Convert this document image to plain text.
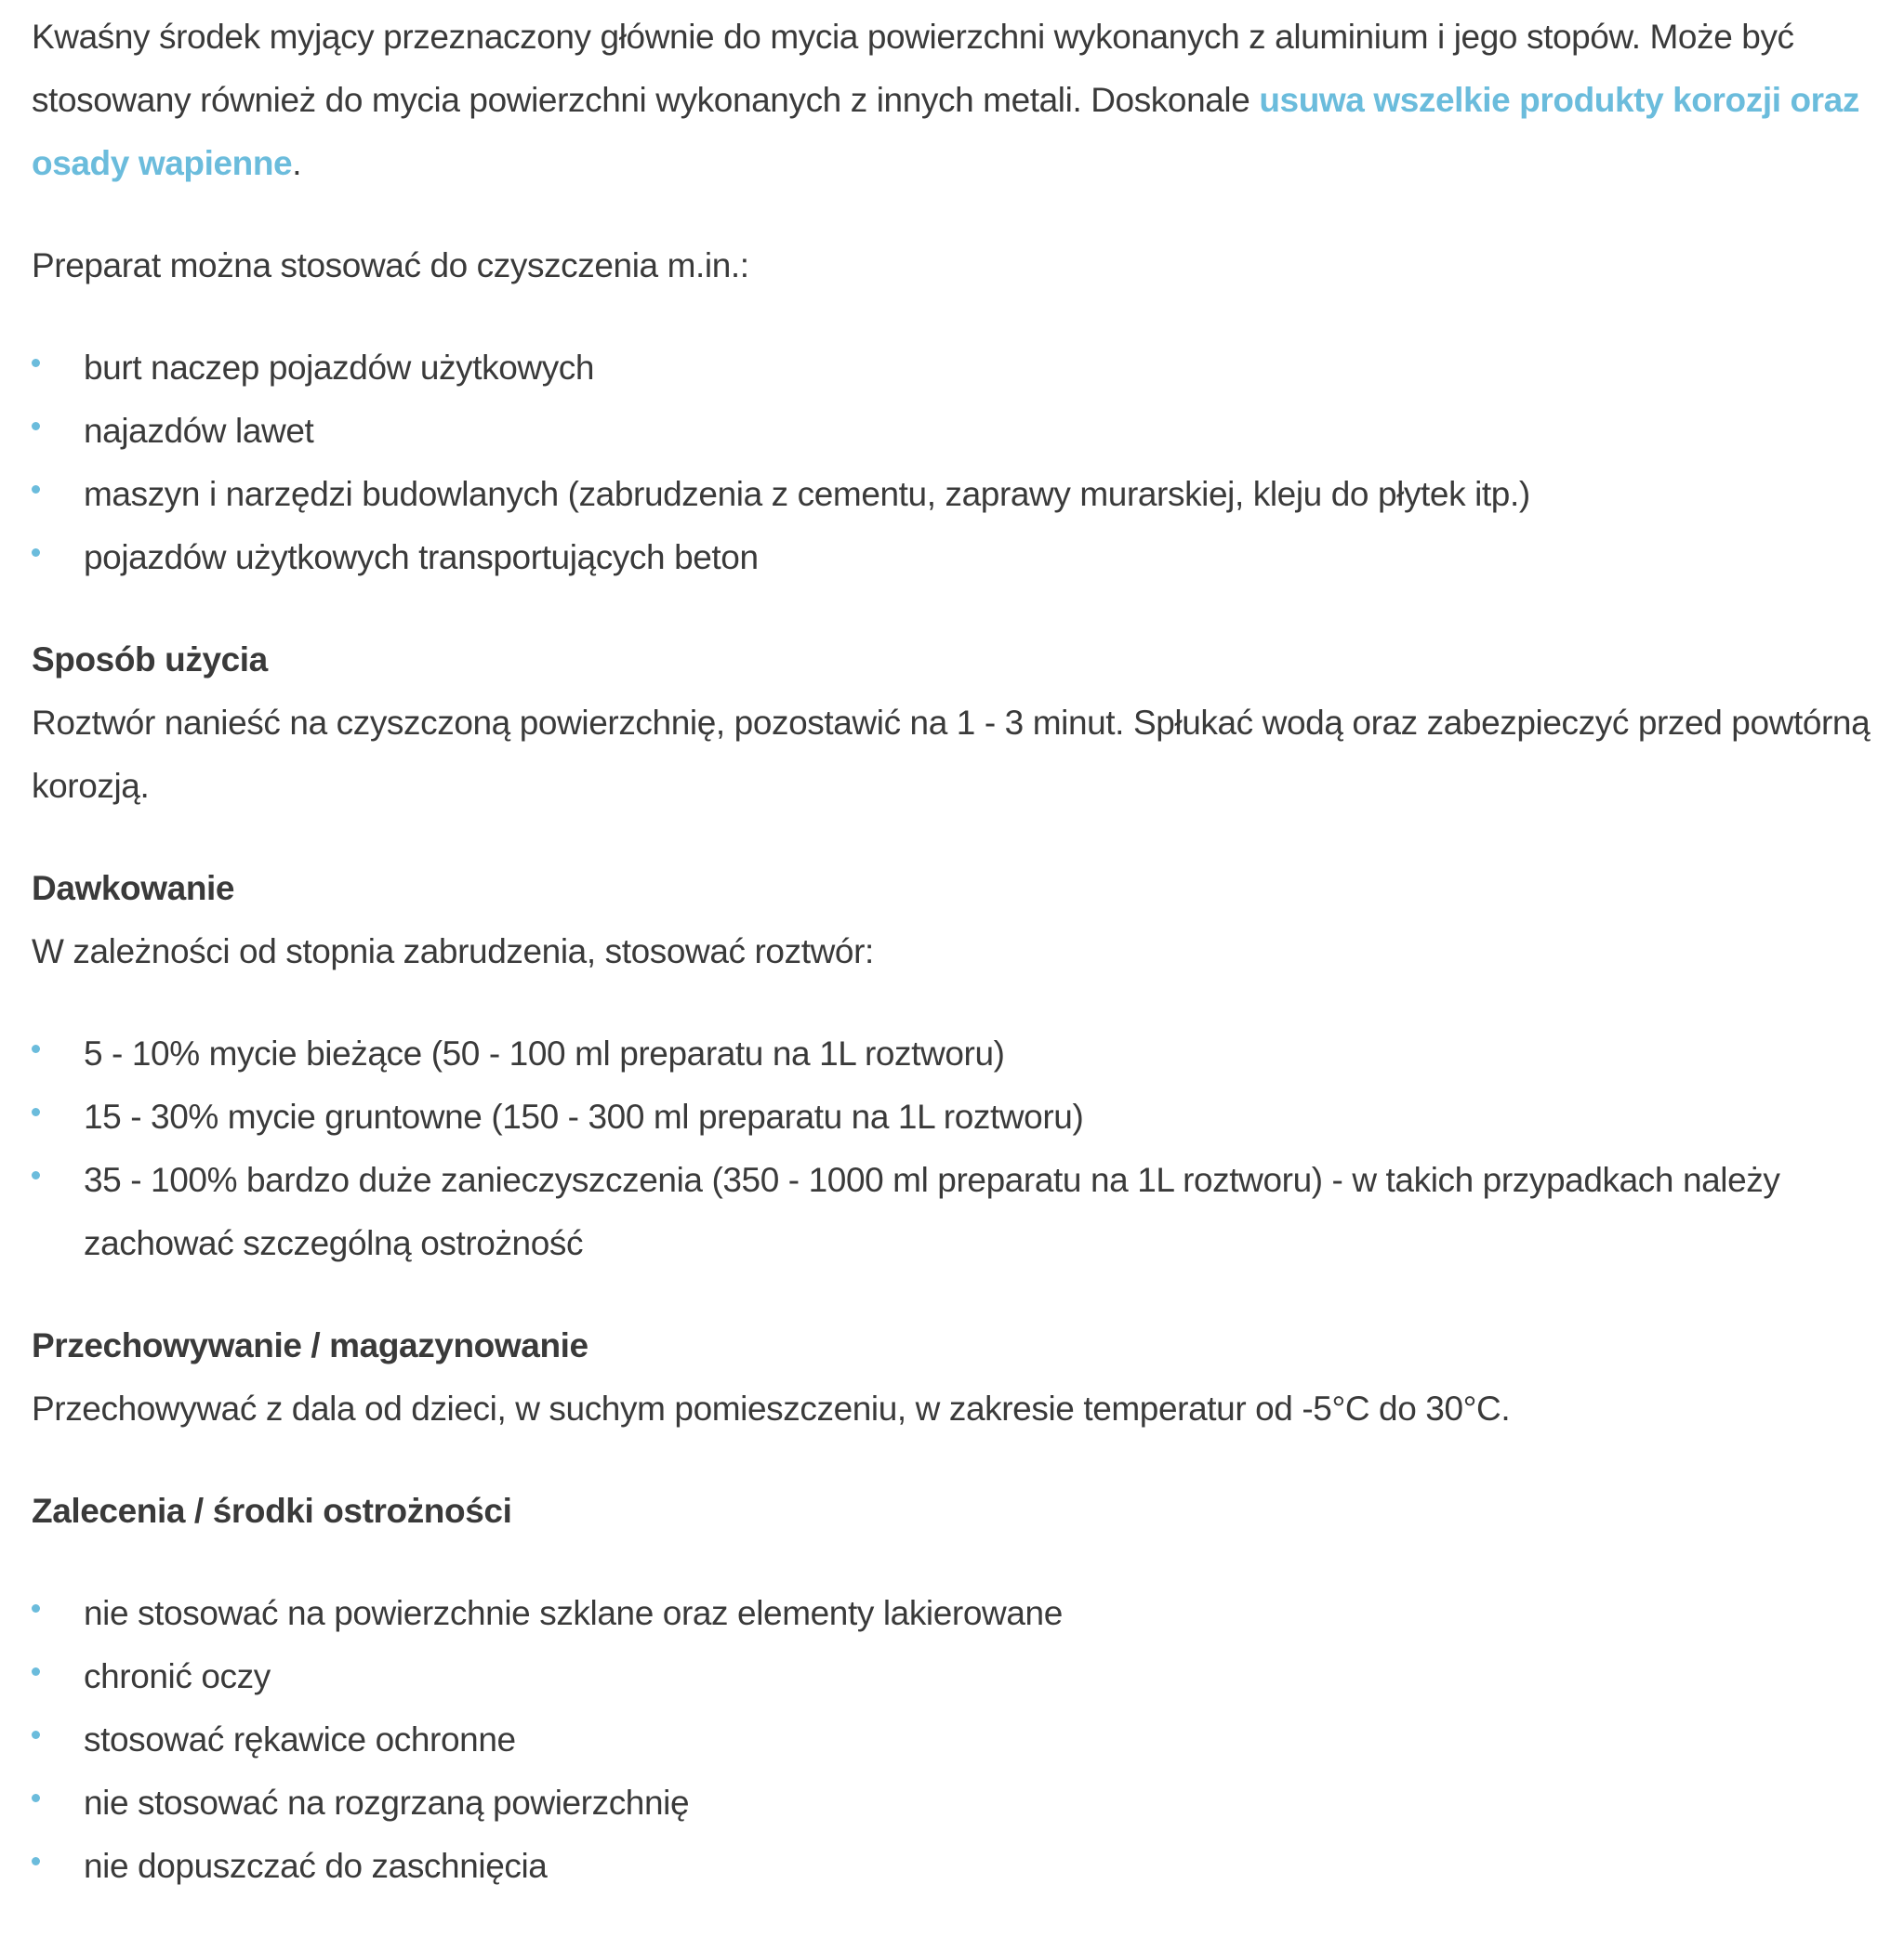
Kwaśny środek myjący przeznaczony głównie do mycia powierzchni wykonanych z aluminium i jego stopów. Może być stosowany również do mycia powierzchni wykonanych z innych metali. Doskonale usuwa wszelkie produkty korozji oraz osady wapienne.

Preparat można stosować do czyszczenia m.in.:

burt naczep pojazdów użytkowych
najazdów lawet
maszyn i narzędzi budowlanych (zabrudzenia z cementu, zaprawy murarskiej, kleju do płytek itp.)
pojazdów użytkowych transportujących beton
Sposób użycia

Roztwór nanieść na czyszczoną powierzchnię, pozostawić na 1 - 3 minut. Spłukać wodą oraz zabezpieczyć przed powtórną korozją.

Dawkowanie

W zależności od stopnia zabrudzenia, stosować roztwór:

5 - 10% mycie bieżące (50 - 100 ml preparatu na 1L roztworu)
15 - 30% mycie gruntowne (150 - 300 ml preparatu na 1L roztworu)
35 - 100% bardzo duże zanieczyszczenia (350 - 1000 ml preparatu na 1L roztworu) - w takich przypadkach należy zachować szczególną ostrożność
Przechowywanie / magazynowanie

Przechowywać z dala od dzieci, w suchym pomieszczeniu, w zakresie temperatur od -5°C do 30°C.

Zalecenia / środki ostrożności
nie stosować na powierzchnie szklane oraz elementy lakierowane
chronić oczy
stosować rękawice ochronne
nie stosować na rozgrzaną powierzchnię
nie dopuszczać do zaschnięcia
